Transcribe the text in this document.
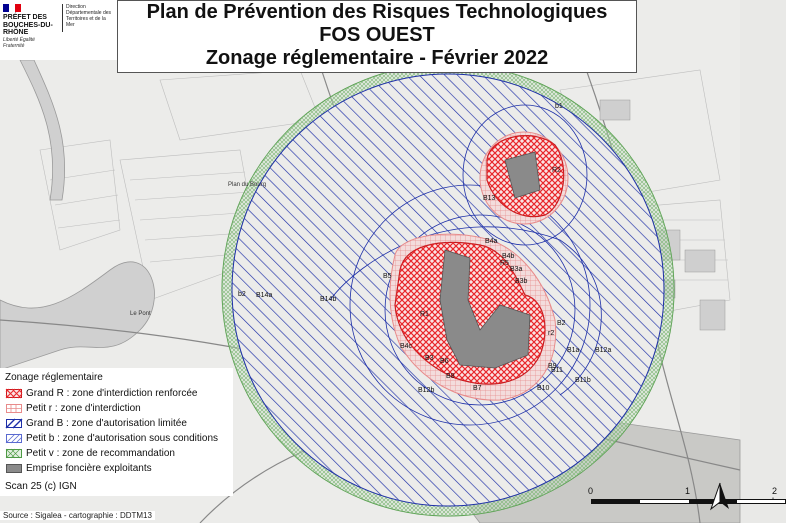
b1
R2
B13
B4a
B4b
B3a
B3b
R5
B5
R1
r2
B2
B1a B12a
B4c
B3 B6
B8
B7	B10
B11
B11b
B12b
B9
b2 B14a
B14b
Plan du Bourg
Le Pont
PRÉFET DES BOUCHES-DU-RHÔNE
Liberté Égalité Fraternité
Direction Départementale des Territoires et de la Mer
Plan de Prévention des Risques Technologiques
FOS OUEST
Zonage réglementaire - Février 2022
Zonage réglementaire
Grand R : zone d'interdiction renforcée
Petit r : zone d'interdiction
Grand B : zone d'autorisation limitée
Petit b : zone d'autorisation sous conditions
Petit v : zone de recommandation
Emprise foncière exploitants
Scan 25 (c) IGN
Source : Sigalea - cartographie : DDTM13
0	1	2
